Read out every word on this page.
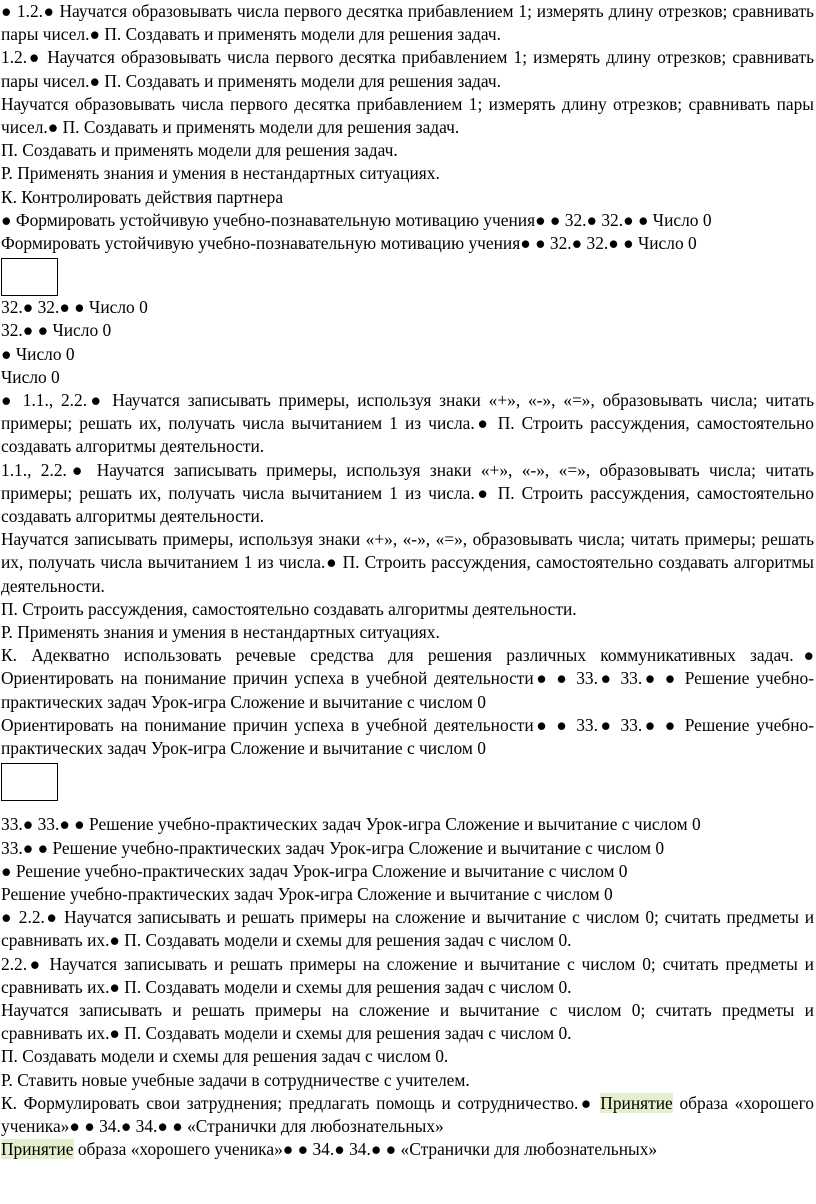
● 1.2.● Научатся образовывать числа первого десятка прибавлением 1; измерять длину отрезков; сравнивать пары чисел.● П. Создавать и применять модели для решения задач.

1.2.● Научатся образовывать числа первого десятка прибавлением 1; измерять длину отрезков; сравнивать пары чисел.● П. Создавать и применять модели для решения задач.

Научатся образовывать числа первого десятка прибавлением 1; измерять длину отрезков; сравнивать пары чисел.● П. Создавать и применять модели для решения задач.

П. Создавать и применять модели для решения задач.

Р. Применять знания и умения в нестандартных ситуациях.

К. Контролировать действия партнера

● Формировать устойчивую учебно-познавательную мотивацию учения● ● 32.● 32.● ● Число 0

Формировать устойчивую учебно-познавательную мотивацию учения● ● 32.● 32.● ● Число 0

32.● 32.● ● Число 0

32.● ● Число 0

● Число 0

Число 0

● 1.1., 2.2.● Научатся записывать примеры, используя знаки «+», «-», «=», образовывать числа; читать примеры; решать их, получать числа вычитанием 1 из числа.● П. Строить рассуждения, самостоятельно создавать алгоритмы деятельности.

1.1., 2.2.● Научатся записывать примеры, используя знаки «+», «-», «=», образовывать числа; читать примеры; решать их, получать числа вычитанием 1 из числа.● П. Строить рассуждения, самостоятельно создавать алгоритмы деятельности.

Научатся записывать примеры, используя знаки «+», «-», «=», образовывать числа; читать примеры; решать их, получать числа вычитанием 1 из числа.● П. Строить рассуждения, самостоятельно создавать алгоритмы деятельности.

П. Строить рассуждения, самостоятельно создавать алгоритмы деятельности.

Р. Применять знания и умения в нестандартных ситуациях.

К. Адекватно использовать речевые средства для решения различных коммуникативных задач.● Ориентировать на понимание причин успеха в учебной деятельности● ● 33.● 33.● ● Решение учебно-практических задач Урок-игра Сложение и вычитание с числом 0

Ориентировать на понимание причин успеха в учебной деятельности● ● 33.● 33.● ● Решение учебно-практических задач Урок-игра Сложение и вычитание с числом 0

33.● 33.● ● Решение учебно-практических задач Урок-игра Сложение и вычитание с числом 0

33.● ● Решение учебно-практических задач Урок-игра Сложение и вычитание с числом 0

● Решение учебно-практических задач Урок-игра Сложение и вычитание с числом 0

Решение учебно-практических задач Урок-игра Сложение и вычитание с числом 0

● 2.2.● Научатся записывать и решать примеры на сложение и вычитание с числом 0; считать предметы и сравнивать их.● П. Создавать модели и схемы для решения задач с числом 0.

2.2.● Научатся записывать и решать примеры на сложение и вычитание с числом 0; считать предметы и сравнивать их.● П. Создавать модели и схемы для решения задач с числом 0.

Научатся записывать и решать примеры на сложение и вычитание с числом 0; считать предметы и сравнивать их.● П. Создавать модели и схемы для решения задач с числом 0.

П. Создавать модели и схемы для решения задач с числом 0.

Р. Ставить новые учебные задачи в сотрудничестве с учителем.

К. Формулировать свои затруднения; предлагать помощь и сотрудничество.● Принятие образа «хорошего ученика»● ● 34.● 34.● ● «Странички для любознательных»

Принятие образа «хорошего ученика»● ● 34.● 34.● ● «Странички для любознательных»
